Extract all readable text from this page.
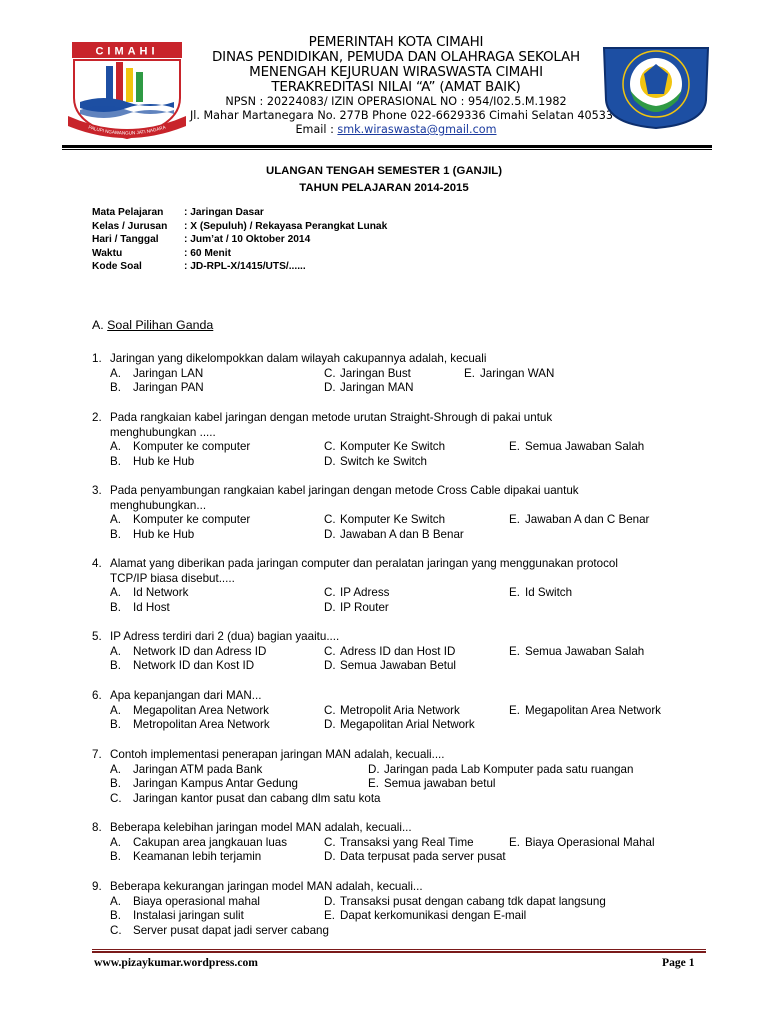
CIMAHI
PALUPI NGAWANGUN JATI NAGARA
PEMERINTAH KOTA CIMAHI
DINAS PENDIDIKAN, PEMUDA DAN OLAHRAGA SEKOLAH
MENENGAH KEJURUAN WIRASWASTA CIMAHI
TERAKREDITASI NILAI “A” (AMAT BAIK)
NPSN : 20224083/ IZIN OPERASIONAL NO : 954/I02.5.M.1982
Jl. Mahar Martanegara No. 277B Phone 022-6629336 Cimahi Selatan 40533
Email : smk.wiraswasta@gmail.com
ULANGAN TENGAH SEMESTER 1 (GANJIL)
TAHUN PELAJARAN 2014-2015
Mata Pelajaran : Jaringan Dasar
Kelas / Jurusan : X (Sepuluh) / Rekayasa Perangkat Lunak
Hari / Tanggal : Jum’at / 10 Oktober 2014
Waktu	: 60 Menit
Kode Soal	: JD-RPL-X/1415/UTS/......
A. Soal Pilihan Ganda
1. Jaringan yang dikelompokkan dalam wilayah cakupannya adalah, kecuali
A. Jaringan LAN	C. Jaringan Bust	E. Jaringan WAN
B. Jaringan PAN	D. Jaringan MAN
2. Pada rangkaian kabel jaringan dengan metode urutan Straight-Shrough di pakai untuk
menghubungkan .....
A. Komputer ke computer	C. Komputer Ke Switch	E. Semua Jawaban Salah
B. Hub ke Hub	D. Switch ke Switch
3. Pada penyambungan rangkaian kabel jaringan dengan metode Cross Cable dipakai uantuk
menghubungkan...
A. Komputer ke computer	C. Komputer Ke Switch	E. Jawaban A dan C Benar
B. Hub ke Hub	D. Jawaban A dan B Benar
4. Alamat yang diberikan pada jaringan computer dan peralatan jaringan yang menggunakan protocol
TCP/IP biasa disebut.....
A. Id Network	C. IP Adress	E. Id Switch
B. Id Host	D. IP Router
5. IP Adress terdiri dari 2 (dua) bagian yaaitu....
A. Network ID dan Adress ID	C. Adress ID dan Host ID	E. Semua Jawaban Salah
B. Network ID dan Kost ID	D. Semua Jawaban Betul
6. Apa kepanjangan dari MAN...
A. Megapolitan Area Network	C. Metropolit Aria Network	E. Megapolitan Area Network
B. Metropolitan Area Network	D. Megapolitan Arial Network
7. Contoh implementasi penerapan jaringan MAN adalah, kecuali....
A. Jaringan ATM pada Bank	D. Jaringan pada Lab Komputer pada satu ruangan
B. Jaringan Kampus Antar Gedung	E. Semua jawaban betul
C. Jaringan kantor pusat dan cabang dlm satu kota
8. Beberapa kelebihan jaringan model MAN adalah, kecuali...
A. Cakupan area jangkauan luas	C. Transaksi yang Real Time	E. Biaya Operasional Mahal
B. Keamanan lebih terjamin	D. Data terpusat pada server pusat
9. Beberapa kekurangan jaringan model MAN adalah, kecuali...
A. Biaya operasional mahal	D. Transaksi pusat dengan cabang tdk dapat langsung
B. Instalasi jaringan sulit	E. Dapat kerkomunikasi dengan E-mail
C. Server pusat dapat jadi server cabang
www.pizaykumar.wordpress.com	Page 1
